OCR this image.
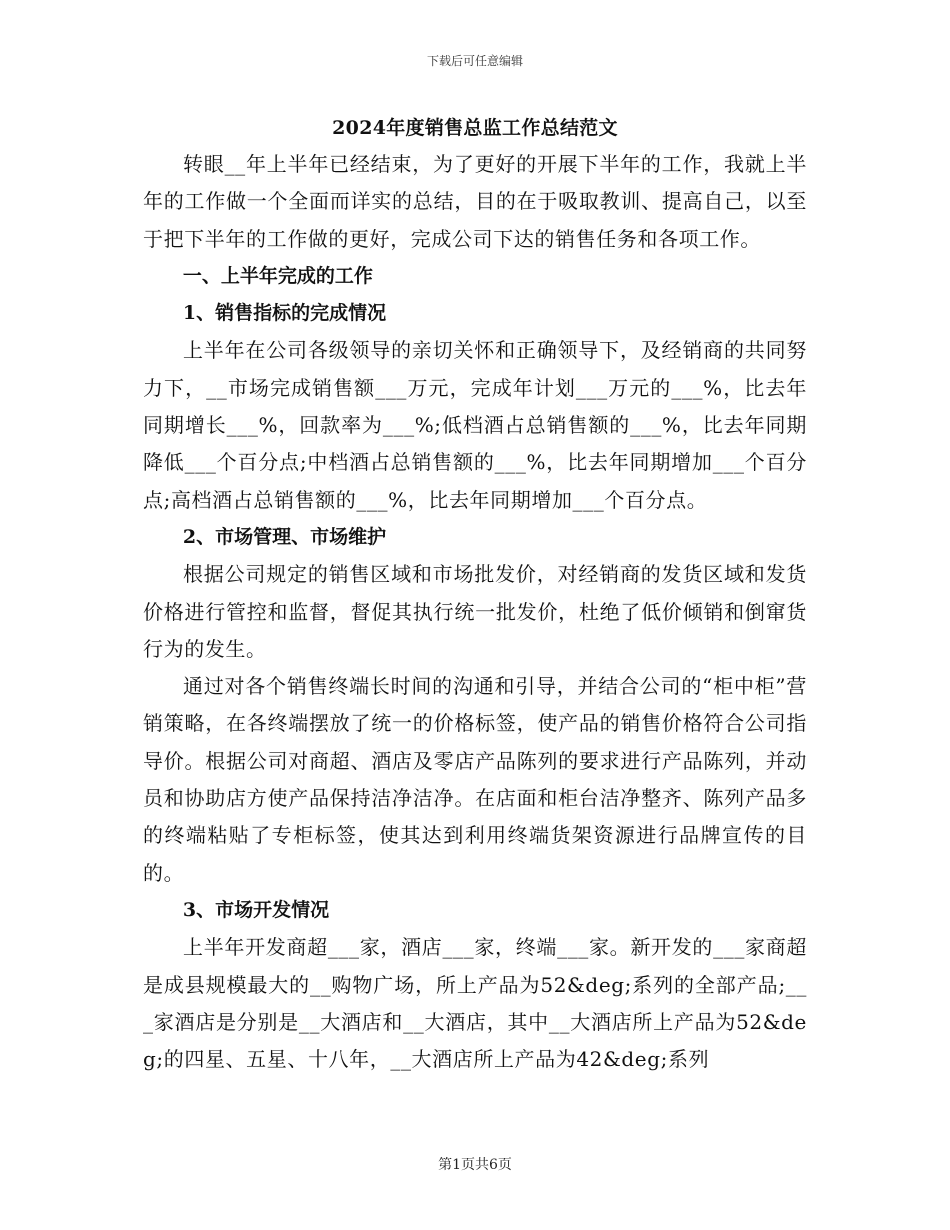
下载后可任意编辑
2024年度销售总监工作总结范文

转眼__年上半年已经结束，为了更好的开展下半年的工作，我就上半年的工作做一个全面而详实的总结，目的在于吸取教训、提高自己，以至于把下半年的工作做的更好，完成公司下达的销售任务和各项工作。

一、上半年完成的工作

1、销售指标的完成情况

上半年在公司各级领导的亲切关怀和正确领导下，及经销商的共同努力下，__市场完成销售额___万元，完成年计划___万元的___%，比去年同期增长___%，回款率为___%;低档酒占总销售额的___%，比去年同期降低___个百分点;中档酒占总销售额的___%，比去年同期增加___个百分点;高档酒占总销售额的___%，比去年同期增加___个百分点。

2、市场管理、市场维护

根据公司规定的销售区域和市场批发价，对经销商的发货区域和发货价格进行管控和监督，督促其执行统一批发价，杜绝了低价倾销和倒窜货行为的发生。

通过对各个销售终端长时间的沟通和引导，并结合公司的“柜中柜”营销策略，在各终端摆放了统一的价格标签，使产品的销售价格符合公司指导价。根据公司对商超、酒店及零店产品陈列的要求进行产品陈列，并动员和协助店方使产品保持洁净洁净。在店面和柜台洁净整齐、陈列产品多的终端粘贴了专柜标签，使其达到利用终端货架资源进行品牌宣传的目的。

3、市场开发情况

上半年开发商超___家，酒店___家，终端___家。新开发的___家商超是成县规模最大的__购物广场，所上产品为52&deg;系列的全部产品;___家酒店是分别是__大酒店和__大酒店，其中__大酒店所上产品为52&deg;的四星、五星、十八年，__大酒店所上产品为42&deg;系列

第1页共6页
